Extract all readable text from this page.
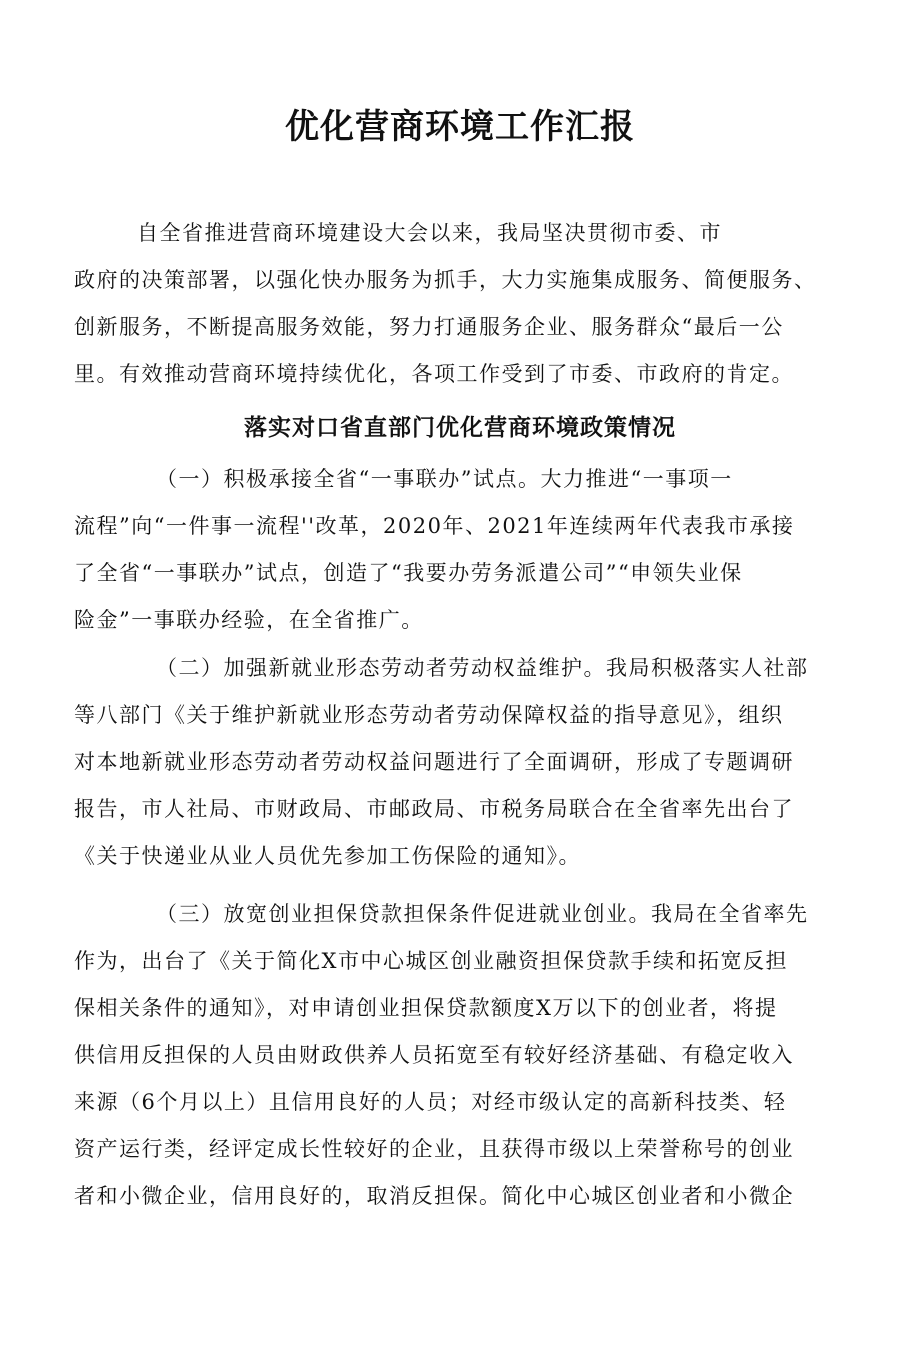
优化营商环境工作汇报
自全省推进营商环境建设大会以来，我局坚决贯彻市委、市
政府的决策部署，以强化快办服务为抓手，大力实施集成服务、简便服务、
创新服务，不断提高服务效能，努力打通服务企业、服务群众“最后一公
里。有效推动营商环境持续优化，各项工作受到了市委、市政府的肯定。
落实对口省直部门优化营商环境政策情况
（一）积极承接全省“一事联办”试点。大力推进“一事项一
流程”向“一件事一流程''改革，2020年、2021年连续两年代表我市承接
了全省“一事联办”试点，创造了“我要办劳务派遣公司”“申领失业保
险金”一事联办经验，在全省推广。
（二）加强新就业形态劳动者劳动权益维护。我局积极落实人社部
等八部门《关于维护新就业形态劳动者劳动保障权益的指导意见》，组织
对本地新就业形态劳动者劳动权益问题进行了全面调研，形成了专题调研
报告，市人社局、市财政局、市邮政局、市税务局联合在全省率先出台了
《关于快递业从业人员优先参加工伤保险的通知》。
（三）放宽创业担保贷款担保条件促进就业创业。我局在全省率先
作为，出台了《关于简化X市中心城区创业融资担保贷款手续和拓宽反担
保相关条件的通知》，对申请创业担保贷款额度X万以下的创业者，将提
供信用反担保的人员由财政供养人员拓宽至有较好经济基础、有稳定收入
来源（6个月以上）且信用良好的人员；对经市级认定的高新科技类、轻
资产运行类，经评定成长性较好的企业，且获得市级以上荣誉称号的创业
者和小微企业，信用良好的，取消反担保。简化中心城区创业者和小微企
